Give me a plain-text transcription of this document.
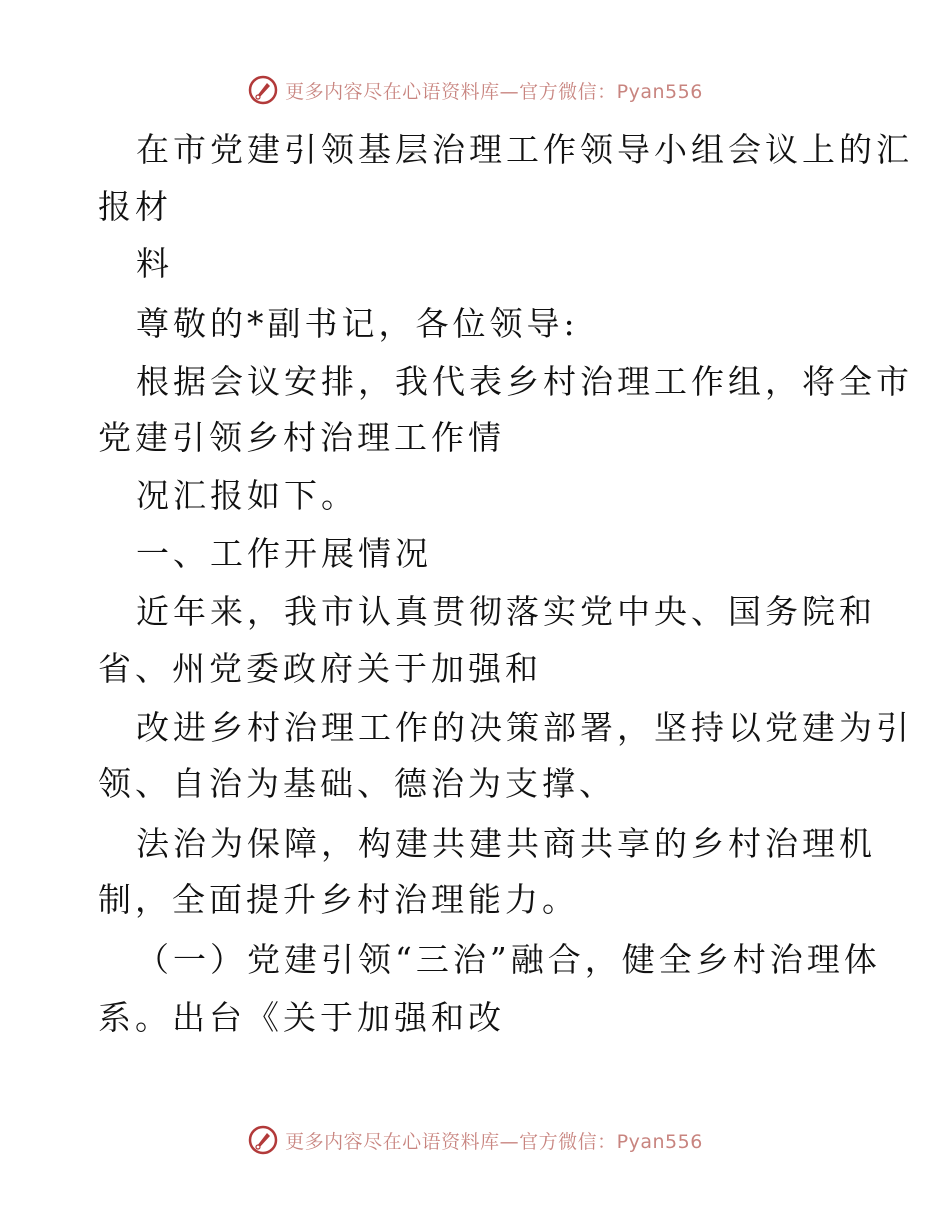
更多内容尽在心语资料库—官方微信：Pyan556
在市党建引领基层治理工作领导小组会议上的汇
报材
料
尊敬的*副书记，各位领导:
根据会议安排，我代表乡村治理工作组，将全市
党建引领乡村治理工作情
况汇报如下。
一、工作开展情况
近年来，我市认真贯彻落实党中央、国务院和
省、州党委政府关于加强和
改进乡村治理工作的决策部署，坚持以党建为引
领、自治为基础、德治为支撑、
法治为保障，构建共建共商共享的乡村治理机
制，全面提升乡村治理能力。
（一）党建引领“三治”融合，健全乡村治理体
系。出台《关于加强和改
更多内容尽在心语资料库—官方微信：Pyan556
